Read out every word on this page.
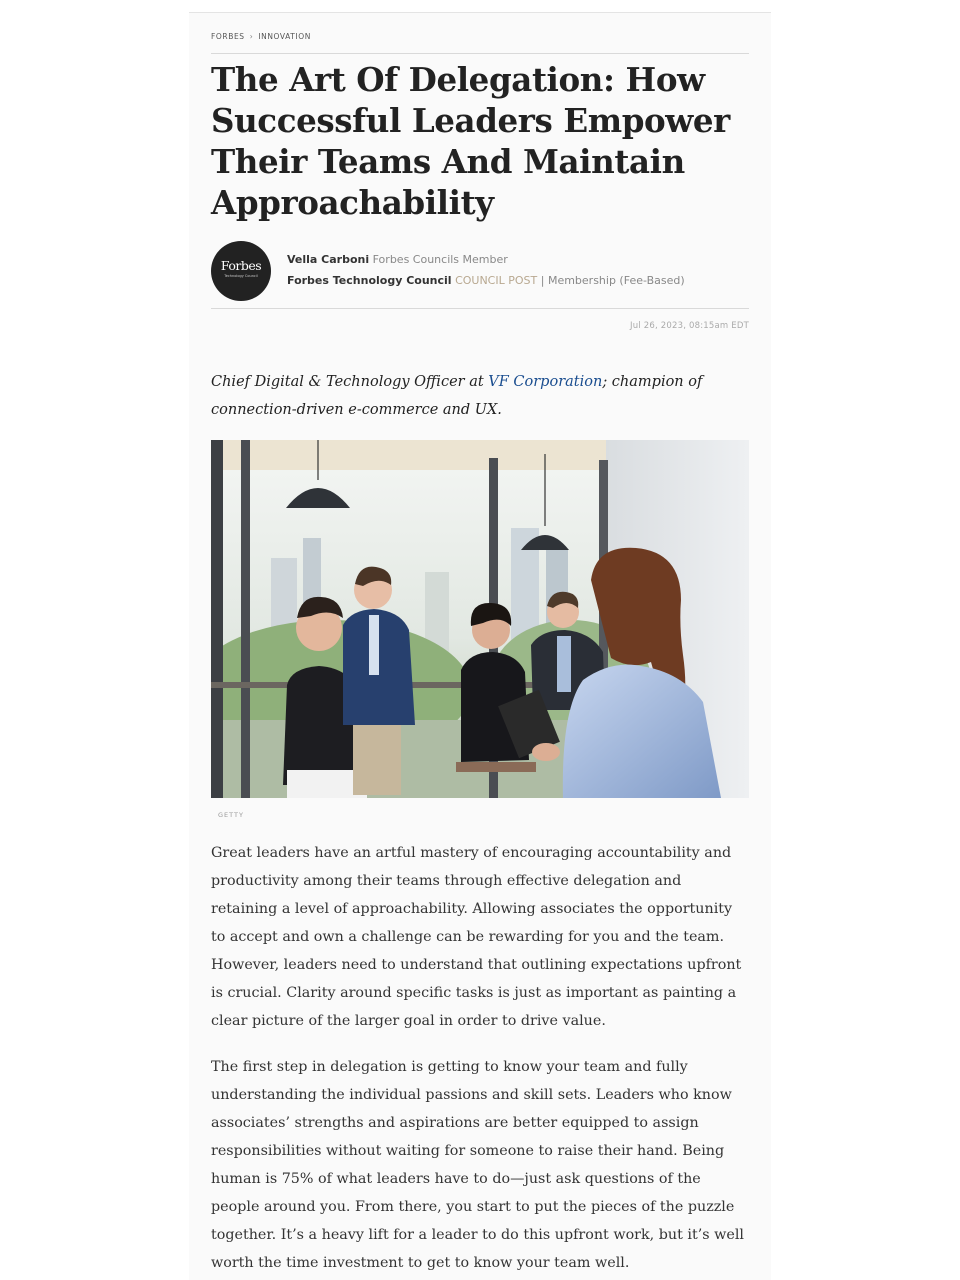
FORBES › INNOVATION
The Art Of Delegation: How Successful Leaders Empower Their Teams And Maintain Approachability
Forbes
Technology Council
Vella Carboni Forbes Councils Member
Forbes Technology Council COUNCIL POST | Membership (Fee-Based)
Jul 26, 2023, 08:15am EDT

Chief Digital & Technology Officer at VF Corporation; champion of connection-driven e-commerce and UX.

GETTY

Great leaders have an artful mastery of encouraging accountability and productivity among their teams through effective delegation and retaining a level of approachability. Allowing associates the opportunity to accept and own a challenge can be rewarding for you and the team. However, leaders need to understand that outlining expectations upfront is crucial. Clarity around specific tasks is just as important as painting a clear picture of the larger goal in order to drive value.

The first step in delegation is getting to know your team and fully understanding the individual passions and skill sets. Leaders who know associates’ strengths and aspirations are better equipped to assign responsibilities without waiting for someone to raise their hand. Being human is 75% of what leaders have to do—just ask questions of the people around you. From there, you start to put the pieces of the puzzle together. It’s a heavy lift for a leader to do this upfront work, but it’s well worth the time investment to get to know your team well.
